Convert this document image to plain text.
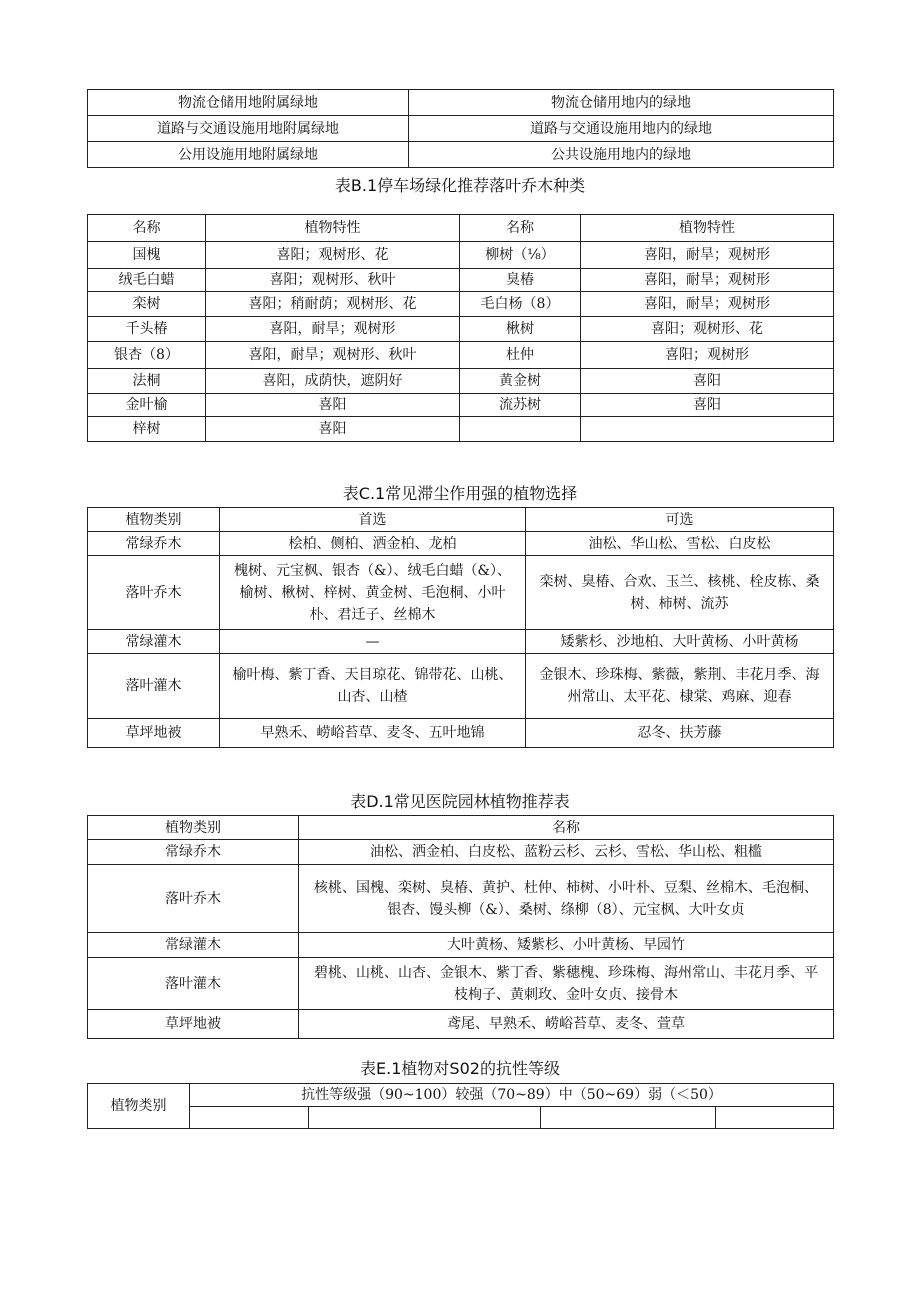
物流仓储用地附属绿地	物流仓储用地内的绿地
道路与交通设施用地附属绿地	道路与交通设施用地内的绿地
公用设施用地附属绿地	公共设施用地内的绿地
表B.1停车场绿化推荐落叶乔木种类
名称	植物特性	名称	植物特性
国槐	喜阳；观树形、花	柳树（⅛）	喜阳，耐旱；观树形
绒毛白蜡	喜阳；观树形、秋叶	臭椿	喜阳，耐旱；观树形
栾树	喜阳；稍耐荫；观树形、花	毛白杨（8）	喜阳，耐旱；观树形
千头椿	喜阳，耐旱；观树形	楸树	喜阳；观树形、花
银杏（8）	喜阳，耐旱；观树形、秋叶	杜仲	喜阳；观树形
法桐	喜阳，成荫快，遮阴好	黄金树	喜阳
金叶榆	喜阳	流苏树	喜阳
梓树	喜阳		
表C.1常见滞尘作用强的植物选择
植物类别	首选	可选
常绿乔木	桧柏、侧柏、洒金柏、龙柏	油松、华山松、雪松、白皮松
落叶乔木	槐树、元宝枫、银杏（&）、绒毛白蜡（&）、榆树、楸树、梓树、黄金树、毛泡桐、小叶朴、君迁子、丝棉木	栾树、臭椿、合欢、玉兰、核桃、栓皮栋、桑树、柿树、流苏
常绿灌木	—	矮紫杉、沙地柏、大叶黄杨、小叶黄杨
落叶灌木	榆叶梅、紫丁香、天目琼花、锦带花、山桃、山杏、山楂	金银木、珍珠梅、紫薇，紫荆、丰花月季、海州常山、太平花、棣棠、鸡麻、迎春
草坪地被	早熟禾、崂峪苔草、麦冬、五叶地锦	忍冬、扶芳藤
表D.1常见医院园林植物推荐表
植物类别	名称
常绿乔木	油松、洒金柏、白皮松、蓝粉云杉、云杉、雪松、华山松、粗槛
落叶乔木	核桃、国槐、栾树、臭椿、黄护、杜仲、柿树、小叶朴、豆梨、丝棉木、毛泡桐、银杏、馒头柳（&）、桑树、绦柳（8）、元宝枫、大叶女贞
常绿灌木	大叶黄杨、矮紫杉、小叶黄杨、早园竹
落叶灌木	碧桃、山桃、山杏、金银木、紫丁香、紫穗槐、珍珠梅、海州常山、丰花月季、平枝栒子、黄刺玫、金叶女贞、接骨木
草坪地被	鸢尾、早熟禾、崂峪苔草、麦冬、萱草
表E.1植物对S02的抗性等级
植物类别	抗性等级强（90~100）较强（70~89）中（50~69）弱（＜50）			
